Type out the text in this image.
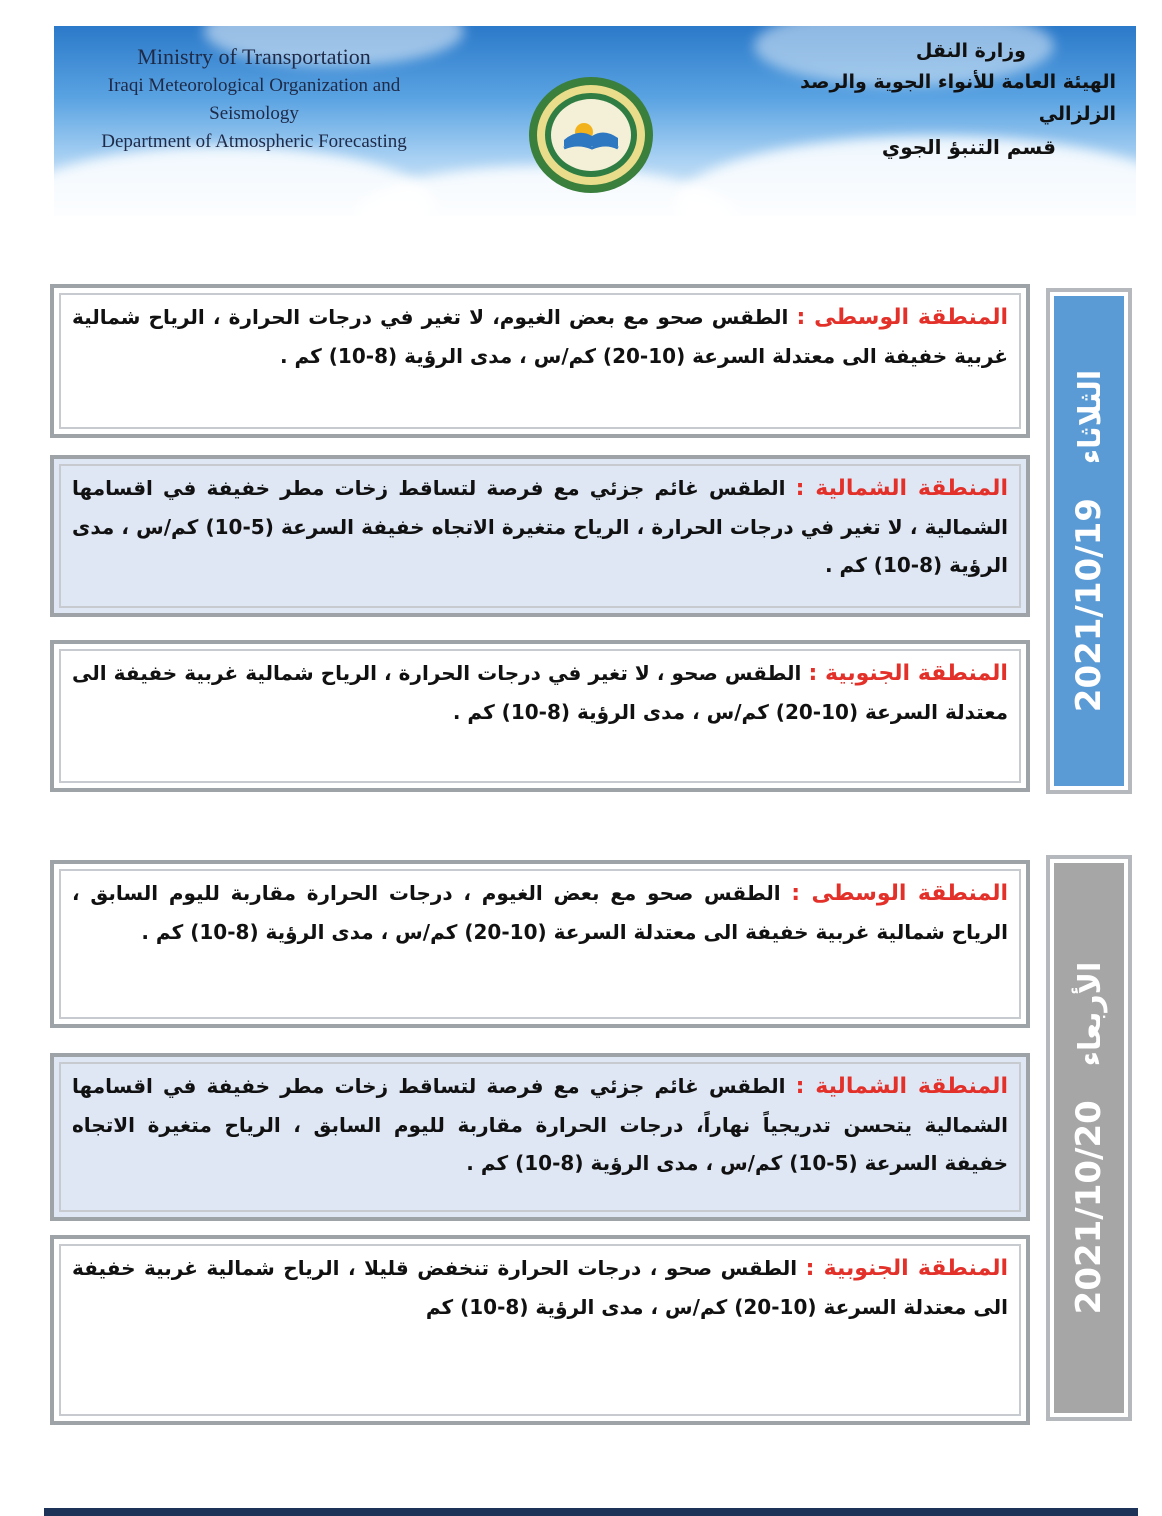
Ministry of Transportation
Iraqi Meteorological Organization and Seismology
Department of Atmospheric Forecasting
وزارة النقل
الهيئة العامة للأنواء الجوية والرصد الزلزالي
قسم التنبؤ الجوي
المنطقة الوسطى : الطقس صحو مع بعض الغيوم، لا تغير في درجات الحرارة ، الرياح شمالية غربية خفيفة الى معتدلة السرعة (10-20) كم/س ، مدى الرؤية (8-10) كم .
المنطقة الشمالية : الطقس غائم جزئي مع فرصة لتساقط زخات مطر خفيفة في اقسامها الشمالية ، لا تغير في درجات الحرارة ، الرياح متغيرة الاتجاه خفيفة السرعة (5-10) كم/س ، مدى الرؤية (8-10) كم .
المنطقة الجنوبية : الطقس صحو ، لا تغير في درجات الحرارة ، الرياح شمالية غربية خفيفة الى معتدلة السرعة (10-20) كم/س ، مدى الرؤية (8-10) كم . 2021/10/19 الثلاثاء
المنطقة الوسطى : الطقس صحو مع بعض الغيوم ، درجات الحرارة مقاربة لليوم السابق ، الرياح شمالية غربية خفيفة الى معتدلة السرعة (10-20) كم/س ، مدى الرؤية (8-10) كم .
المنطقة الشمالية : الطقس غائم جزئي مع فرصة لتساقط زخات مطر خفيفة في اقسامها الشمالية يتحسن تدريجياً نهاراً، درجات الحرارة مقاربة لليوم السابق ، الرياح متغيرة الاتجاه خفيفة السرعة (5-10) كم/س ، مدى الرؤية (8-10) كم .
المنطقة الجنوبية : الطقس صحو ، درجات الحرارة تنخفض قليلا ، الرياح شمالية غربية خفيفة الى معتدلة السرعة (10-20) كم/س ، مدى الرؤية (8-10) كم 2021/10/20 الأربعاء
